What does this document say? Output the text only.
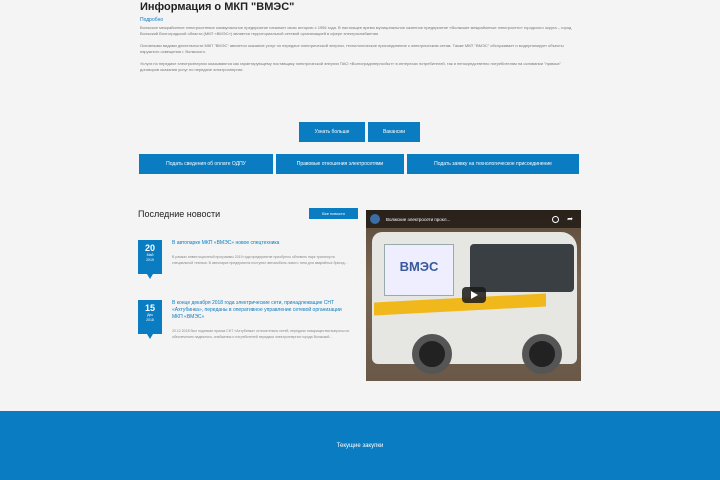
Информация о МКП "ВМЭС"
Подробно

Волжское межрайонное электросетевое коммунальное предприятие начинает свою историю с 1956 года. В настоящее время муниципальное казенное предприятие «Волжские межрайонные электросети» городского округа – город Волжский Волгоградской области (МКП «ВМЭС») является территориальной сетевой организацией в сфере электроснабжения

Основными видами деятельности МКП "ВМЭС" является оказание услуг по передаче электрической энергии, технологическое присоединение к электрическим сетям. Также МКП "ВМЭС" обслуживает и модернизирует объекты наружного освещения г. Волжского.

Услуги по передаче электроэнергии оказываются как гарантирующему поставщику электрической энергии ПАО «Волгоградэнергосбыт» в интересах потребителей, так и непосредственно потребителям на основании "прямых" договоров оказания услуг по передаче электроэнергии.

Узнать больше	Вакансии
Подать сведения об оплате ОДПУ	Правовые отношения электросетями	Подать заявку на технологическое присоединение
Последние новости	Все новости
20
Май
2019
В автопарке МКП «ВМЭС» новое спецтехника

В рамках инвестиционной программы 2019 года предприятие приобрело обновить парк транспорта специальной техники. В автопарке предприятия поступил автомобиль нового типа для аварийных бригад...

15
Дек
2018
В конце декабря 2018 года электрические сети, принадлежащие СНТ «Ахтубинка», переданы в оперативное управление сетевой организации МКП «ВМЭС»

20.12.2018 был подписан приказ СНТ «Ахтубинка» относительно сетей, передачи товарищества вопросы по обеспечению надежного, снабжения и потребителей передачи электроэнергии города Волжский...

ВМЭС
Волжские электросети прокл...	➦
Текущие закупки
